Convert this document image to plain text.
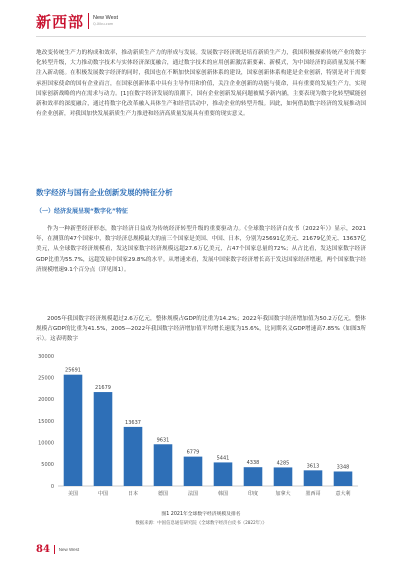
新西部 New West
Q.Xibu.com

地改变传统生产力的构成和效率，推动新质生产力的形成与发展。发展数字经济既是培育新质生产力，我国积极探索传统产业的数字化转型升级，大力推动数字技术与实体经济深度融合，通过数字技术的应用创新激活新要素、新模式，为中国经济的高质量发展不断注入新动能。在积极发展数字经济的同时，我国也在不断加快国家创新体系的建设，国家创新体系构建是企业创新，特别是对于需要承担国家使命的国有企业而言，在国家创新体系中具有主导作用和价值，关注企业创新的功能与使命，具有重要的发展生产力，实现国家创新战略的内在需求与动力。[1]在数字经济发展的浪潮下，国有企业创新发展问题被赋予新内涵，主要表现为数字化转型赋能创新和效率的深度融合，通过将数字化改革融入具体生产和经营活动中，推动企业的转型升级。因此，如何借助数字经济的发展推动国有企业创新，对我国加快发展新质生产力推进和经济高质量发展具有重要的现实意义。

数字经济与国有企业创新发展的特征分析
（一）经济发展呈现“数字化”特征

作为一种新型经济形态，数字经济日益成为传统经济转型升级的重要驱动力。《全球数字经济白皮书（2022年）》显示，2021年，在测算的47个国家中，数字经济总规模最大的前三个国家是美国、中国、日本，分别为25691亿美元、21679亿美元、13637亿美元，从全球数字经济规模看，发达国家数字经济规模远超27.6万亿美元，占47个国家总量的72%；从占比看，发达国家数字经济GDP比重为55.7%，远超发展中国家29.8%的水平。从增速来看，发展中国家数字经济增长高于发达国家经济增速，两个国家数字经济规模增速9.1个百分点（详见图1）。

2005年我国数字经济规模超过2.6万亿元，整体规模占GDP的比重为14.2%；2022年我国数字经济增加值为50.2万亿元，整体规模占GDP的比重为41.5%，2005—2022年我国数字经济增加值平均增长速度为15.6%，比同期名义GDP增速高7.85%（如图3所示）。这表明数字

0
5000
10000
15000
20000
25000
30000
25691
美国
21679
中国
13637
日本
9631
德国
6779
法国
5441
韩国
4338
印度
4285
加拿大
3613
墨西哥
3348
意大利
图1 2021年全球数字经济规模及排名
数据来源：中国信息通信研究院《全球数字经济白皮书（2022年）》
84 New West
